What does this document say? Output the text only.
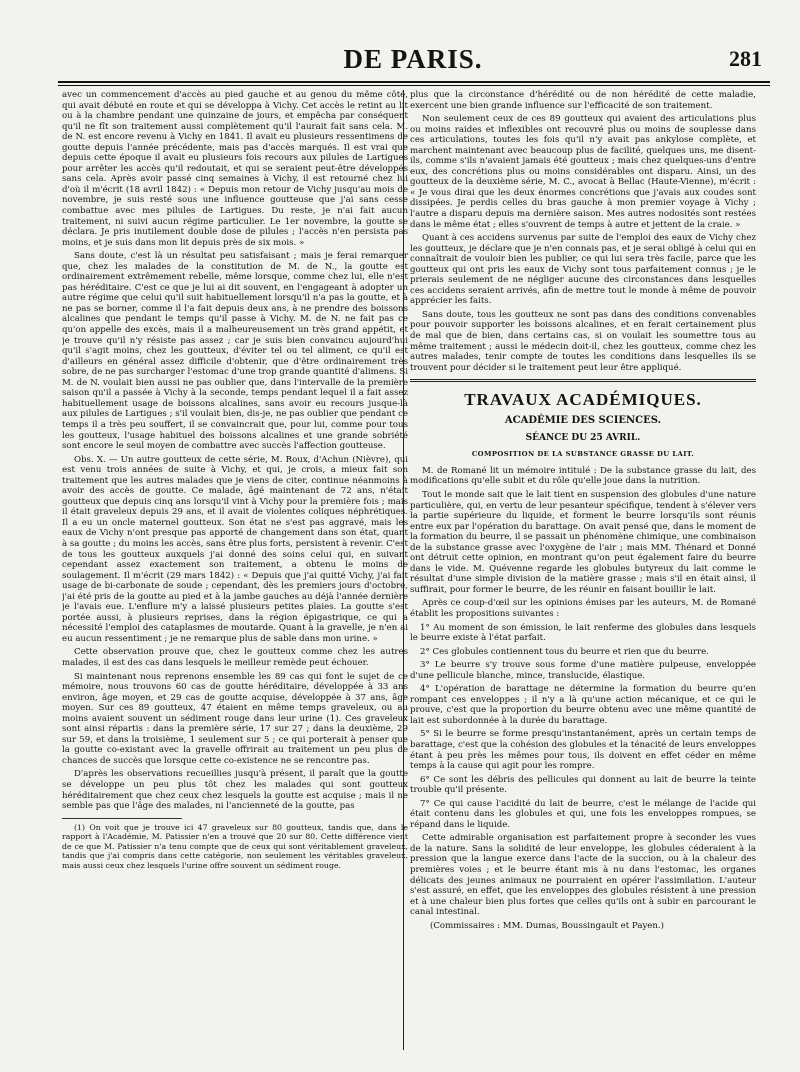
DE PARIS.	281

avec un commencement d'accès au pied gauche et au genou du même côté, qui avait débuté en route et qui se développa à Vichy. Cet accès le retint au lit ou à la chambre pendant une quinzaine de jours, et empêcha par conséquent qu'il ne fît son traitement aussi complètement qu'il l'aurait fait sans cela. M. de N. est encore revenu à Vichy en 1841. Il avait eu plusieurs ressentimens de goutte depuis l'année précédente, mais pas d'accès marqués. Il est vrai que depuis cette époque il avait eu plusieurs fois recours aux pilules de Lartigues pour arrêter les accès qu'il redoutait, et qui se seraient peut-être développés sans cela. Après avoir passé cinq semaines à Vichy, il est retourné chez lui d'où il m'écrit (18 avril 1842) : « Depuis mon retour de Vichy jusqu'au mois de novembre, je suis resté sous une influence goutteuse que j'ai sans cesse combattue avec mes pilules de Lartigues. Du reste, je n'ai fait aucun traitement, ni suivi aucun régime particulier. Le 1er novembre, la goutte se déclara. Je pris inutilement double dose de pilules ; l'accès n'en persista pas moins, et je suis dans mon lit depuis près de six mois. »

Sans doute, c'est là un résultat peu satisfaisant ; mais je ferai remarquer que, chez les malades de la constitution de M. de N., la goutte est ordinairement extrêmement rebelle, même lorsque, comme chez lui, elle n'est pas héréditaire. C'est ce que je lui ai dit souvent, en l'engageant à adopter un autre régime que celui qu'il suit habituellement lorsqu'il n'a pas la goutte, et à ne pas se borner, comme il l'a fait depuis deux ans, à ne prendre des boissons alcalines que pendant le temps qu'il passe à Vichy. M. de N. ne fait pas ce qu'on appelle des excès, mais il a malheureusement un très grand appétit, et je trouve qu'il n'y résiste pas assez ; car je suis bien convaincu aujourd'hui qu'il s'agit moins, chez les goutteux, d'éviter tel ou tel aliment, ce qu'il est d'ailleurs en général assez difficile d'obtenir, que d'être ordinairement très sobre, de ne pas surcharger l'estomac d'une trop grande quantité d'alimens. Si M. de N. voulait bien aussi ne pas oublier que, dans l'intervalle de la première saison qu'il a passée à Vichy à la seconde, temps pendant lequel il a fait assez habituellement usage de boissons alcalines, sans avoir eu recours jusque-là aux pilules de Lartigues ; s'il voulait bien, dis-je, ne pas oublier que pendant ce temps il a très peu souffert, il se convaincrait que, pour lui, comme pour tous les goutteux, l'usage habituel des boissons alcalines et une grande sobriété sont encore le seul moyen de combattre avec succès l'affection goutteuse.

Obs. X. — Un autre goutteux de cette série, M. Roux, d'Achun (Nièvre), qui est venu trois années de suite à Vichy, et qui, je crois, a mieux fait son traitement que les autres malades que je viens de citer, continue néanmoins à avoir des accès de goutte. Ce malade, âgé maintenant de 72 ans, n'était goutteux que depuis cinq ans lorsqu'il vint à Vichy pour la première fois ; mais il était graveleux depuis 29 ans, et il avait de violentes coliques néphrétiques. Il a eu un oncle maternel goutteux. Son état ne s'est pas aggravé, mais les eaux de Vichy n'ont presque pas apporté de changement dans son état, quant à sa goutte ; du moins les accès, sans être plus forts, persistent à revenir. C'est de tous les goutteux auxquels j'ai donné des soins celui qui, en suivant cependant assez exactement son traitement, a obtenu le moins de soulagement. Il m'écrit (29 mars 1842) : « Depuis que j'ai quitté Vichy, j'ai fait usage de bi-carbonate de soude ; cependant, dès les premiers jours d'octobre, j'ai été pris de la goutte au pied et à la jambe gauches au déjà l'année dernière je l'avais eue. L'enflure m'y a laissé plusieurs petites plaies. La goutte s'est portée aussi, à plusieurs reprises, dans la région épigastrique, ce qui a nécessité l'emploi des cataplasmes de moutarde. Quant à la gravelle, je n'en ai eu aucun ressentiment ; je ne remarque plus de sable dans mon urine. »

Cette observation prouve que, chez le goutteux comme chez les autres malades, il est des cas dans lesquels le meilleur remède peut échouer.

Si maintenant nous reprenons ensemble les 89 cas qui font le sujet de ce mémoire, nous trouvons 60 cas de goutte héréditaire, développée à 33 ans environ, âge moyen, et 29 cas de goutte acquise, développée à 37 ans, âge moyen. Sur ces 89 goutteux, 47 étaient en même temps graveleux, ou au moins avaient souvent un sédiment rouge dans leur urine (1). Ces graveleux sont ainsi répartis : dans la première série, 17 sur 27 ; dans la deuxième, 29 sur 59, et dans la troisième, 1 seulement sur 5 ; ce qui porterait à penser que la goutte co-existant avec la gravelle offrirait au traitement un peu plus de chances de succès que lorsque cette co-existence ne se rencontre pas.

D'après les observations recueillies jusqu'à présent, il paraît que la goutte se développe un peu plus tôt chez les malades qui sont goutteux héréditairement que chez ceux chez lesquels la goutte est acquise ; mais il ne semble pas que l'âge des malades, ni l'ancienneté de la goutte, pas

(1) On voit que je trouve ici 47 graveleux sur 80 goutteux, tandis que, dans le rapport à l'Académie, M. Patissier n'en a trouvé que 20 sur 80. Cette différence vient de ce que M. Patissier n'a tenu compte que de ceux qui sont véritablement graveleux, tandis que j'ai compris dans cette catégorie, non seulement les véritables graveleux, mais aussi ceux chez lesquels l'urine offre souvent un sédiment rouge.

plus que la circonstance d'hérédité ou de non hérédité de cette maladie, exercent une bien grande influence sur l'efficacité de son traitement.

Non seulement ceux de ces 89 goutteux qui avaient des articulations plus ou moins raides et inflexibles ont recouvré plus ou moins de souplesse dans ces articulations, toutes les fois qu'il n'y avait pas ankylose complète, et marchent maintenant avec beaucoup plus de facilité, quelques uns, me disent-ils, comme s'ils n'avaient jamais été goutteux ; mais chez quelques-uns d'entre eux, des concrétions plus ou moins considérables ont disparu. Ainsi, un des goutteux de la deuxième série, M. C., avocat à Bellac (Haute-Vienne), m'écrit : « Je vous dirai que les deux énormes concrétions que j'avais aux coudes sont dissipées. Je perdis celles du bras gauche à mon premier voyage à Vichy ; l'autre a disparu depuis ma dernière saison. Mes autres nodosités sont restées dans le même état ; elles s'ouvrent de temps à autre et jettent de la craie. »

Quant à ces accidens survenus par suite de l'emploi des eaux de Vichy chez les goutteux, je déclare que je n'en connais pas, et je serai obligé à celui qui en connaîtrait de vouloir bien les publier, ce qui lui sera très facile, parce que les goutteux qui ont pris les eaux de Vichy sont tous parfaitement connus ; je le prierais seulement de ne négliger aucune des circonstances dans lesquelles ces accidens seraient arrivés, afin de mettre tout le monde à même de pouvoir apprécier les faits.

Sans doute, tous les goutteux ne sont pas dans des conditions convenables pour pouvoir supporter les boissons alcalines, et en ferait certainement plus de mal que de bien, dans certains cas, si on voulait les soumettre tous au même traitement ; aussi le médecin doit-il, chez les goutteux, comme chez les autres malades, tenir compte de toutes les conditions dans lesquelles ils se trouvent pour décider si le traitement peut leur être appliqué.

TRAVAUX ACADÉMIQUES.
ACADÉMIE DES SCIENCES.
SÉANCE DU 25 AVRIL.
COMPOSITION DE LA SUBSTANCE GRASSE DU LAIT.

M. de Romané lit un mémoire intitulé : De la substance grasse du lait, des modifications qu'elle subit et du rôle qu'elle joue dans la nutrition.

Tout le monde sait que le lait tient en suspension des globules d'une nature particulière, qui, en vertu de leur pesanteur spécifique, tendent à s'élever vers la partie supérieure du liquide, et forment le beurre lorsqu'ils sont réunis entre eux par l'opération du barattage. On avait pensé que, dans le moment de la formation du beurre, il se passait un phénomène chimique, une combinaison de la substance grasse avec l'oxygène de l'air ; mais MM. Thénard et Donné ont détruit cette opinion, en montrant qu'on peut également faire du beurre dans le vide. M. Quévenne regarde les globules butyreux du lait comme le résultat d'une simple division de la matière grasse ; mais s'il en était ainsi, il suffirait, pour former le beurre, de les réunir en faisant bouillir le lait.

Après ce coup-d'œil sur les opinions émises par les auteurs, M. de Romané établit les propositions suivantes :

1° Au moment de son émission, le lait renferme des globules dans lesquels le beurre existe à l'état parfait.

2° Ces globules contiennent tous du beurre et rien que du beurre.

3° Le beurre s'y trouve sous forme d'une matière pulpeuse, enveloppée d'une pellicule blanche, mince, translucide, élastique.

4° L'opération de barattage ne détermine la formation du beurre qu'en rompant ces enveloppes ; il n'y a là qu'une action mécanique, et ce qui le prouve, c'est que la proportion du beurre obtenu avec une même quantité de lait est subordonnée à la durée du barattage.

5° Si le beurre se forme presqu'instantanément, après un certain temps de barattage, c'est que la cohésion des globules et la ténacité de leurs enveloppes étant à peu près les mêmes pour tous, ils doivent en effet céder en même temps à la cause qui agit pour les rompre.

6° Ce sont les débris des pellicules qui donnent au lait de beurre la teinte trouble qu'il présente.

7° Ce qui cause l'acidité du lait de beurre, c'est le mélange de l'acide qui était contenu dans les globules et qui, une fois les enveloppes rompues, se répand dans le liquide.

Cette admirable organisation est parfaitement propre à seconder les vues de la nature. Sans la solidité de leur enveloppe, les globules céderaient à la pression que la langue exerce dans l'acte de la succion, ou à la chaleur des premières voies ; et le beurre étant mis à nu dans l'estomac, les organes délicats des jeunes animaux ne pourraient en opérer l'assimilation. L'auteur s'est assuré, en effet, que les enveloppes des globules résistent à une pression et à une chaleur bien plus fortes que celles qu'ils ont à subir en parcourant le canal intestinal.

(Commissaires : MM. Dumas, Boussingault et Payen.)
